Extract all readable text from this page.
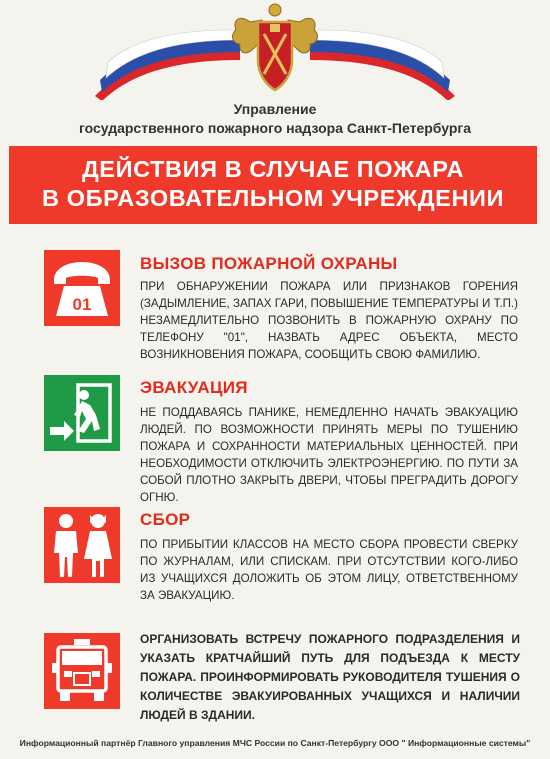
Управление
государственного пожарного надзора Санкт-Петербурга
ДЕЙСТВИЯ В СЛУЧАЕ ПОЖАРА
В ОБРАЗОВАТЕЛЬНОМ УЧРЕЖДЕНИИ
01
ВЫЗОВ ПОЖАРНОЙ ОХРАНЫ
ПРИ ОБНАРУЖЕНИИ ПОЖАРА ИЛИ ПРИЗНАКОВ ГОРЕНИЯ (ЗАДЫМЛЕНИЕ, ЗАПАХ ГАРИ, ПОВЫШЕНИЕ ТЕМПЕРАТУРЫ И Т.П.) НЕЗАМЕДЛИТЕЛЬНО ПОЗВОНИТЬ В ПОЖАРНУЮ ОХРАНУ ПО ТЕЛЕФОНУ "01", НАЗВАТЬ АДРЕС ОБЪЕКТА, МЕСТО ВОЗНИКНОВЕНИЯ ПОЖАРА, СООБЩИТЬ СВОЮ ФАМИЛИЮ.
ЭВАКУАЦИЯ
НЕ ПОДДАВАЯСЬ ПАНИКЕ, НЕМЕДЛЕННО НАЧАТЬ ЭВАКУАЦИЮ ЛЮДЕЙ. ПО ВОЗМОЖНОСТИ ПРИНЯТЬ МЕРЫ ПО ТУШЕНИЮ ПОЖАРА И СОХРАННОСТИ МАТЕРИАЛЬНЫХ ЦЕННОСТЕЙ. ПРИ НЕОБХОДИМОСТИ ОТКЛЮЧИТЬ ЭЛЕКТРОЭНЕРГИЮ. ПО ПУТИ ЗА СОБОЙ ПЛОТНО ЗАКРЫТЬ ДВЕРИ, ЧТОБЫ ПРЕГРАДИТЬ ДОРОГУ ОГНЮ.
СБОР
ПО ПРИБЫТИИ КЛАССОВ НА МЕСТО СБОРА ПРОВЕСТИ СВЕРКУ ПО ЖУРНАЛАМ, ИЛИ СПИСКАМ. ПРИ ОТСУТСТВИИ КОГО-ЛИБО ИЗ УЧАЩИХСЯ ДОЛОЖИТЬ ОБ ЭТОМ ЛИЦУ, ОТВЕТСТВЕННОМУ ЗА ЭВАКУАЦИЮ.
ОРГАНИЗОВАТЬ ВСТРЕЧУ ПОЖАРНОГО ПОДРАЗДЕЛЕНИЯ И УКАЗАТЬ КРАТЧАЙШИЙ ПУТЬ ДЛЯ ПОДЪЕЗДА К МЕСТУ ПОЖАРА. ПРОИНФОРМИРОВАТЬ РУКОВОДИТЕЛЯ ТУШЕНИЯ О КОЛИЧЕСТВЕ ЭВАКУИРОВАННЫХ УЧАЩИХСЯ И НАЛИЧИИ ЛЮДЕЙ В ЗДАНИИ.
Информационный партнёр Главного управления МЧС России по Санкт-Петербургу ООО " Информационные системы"
